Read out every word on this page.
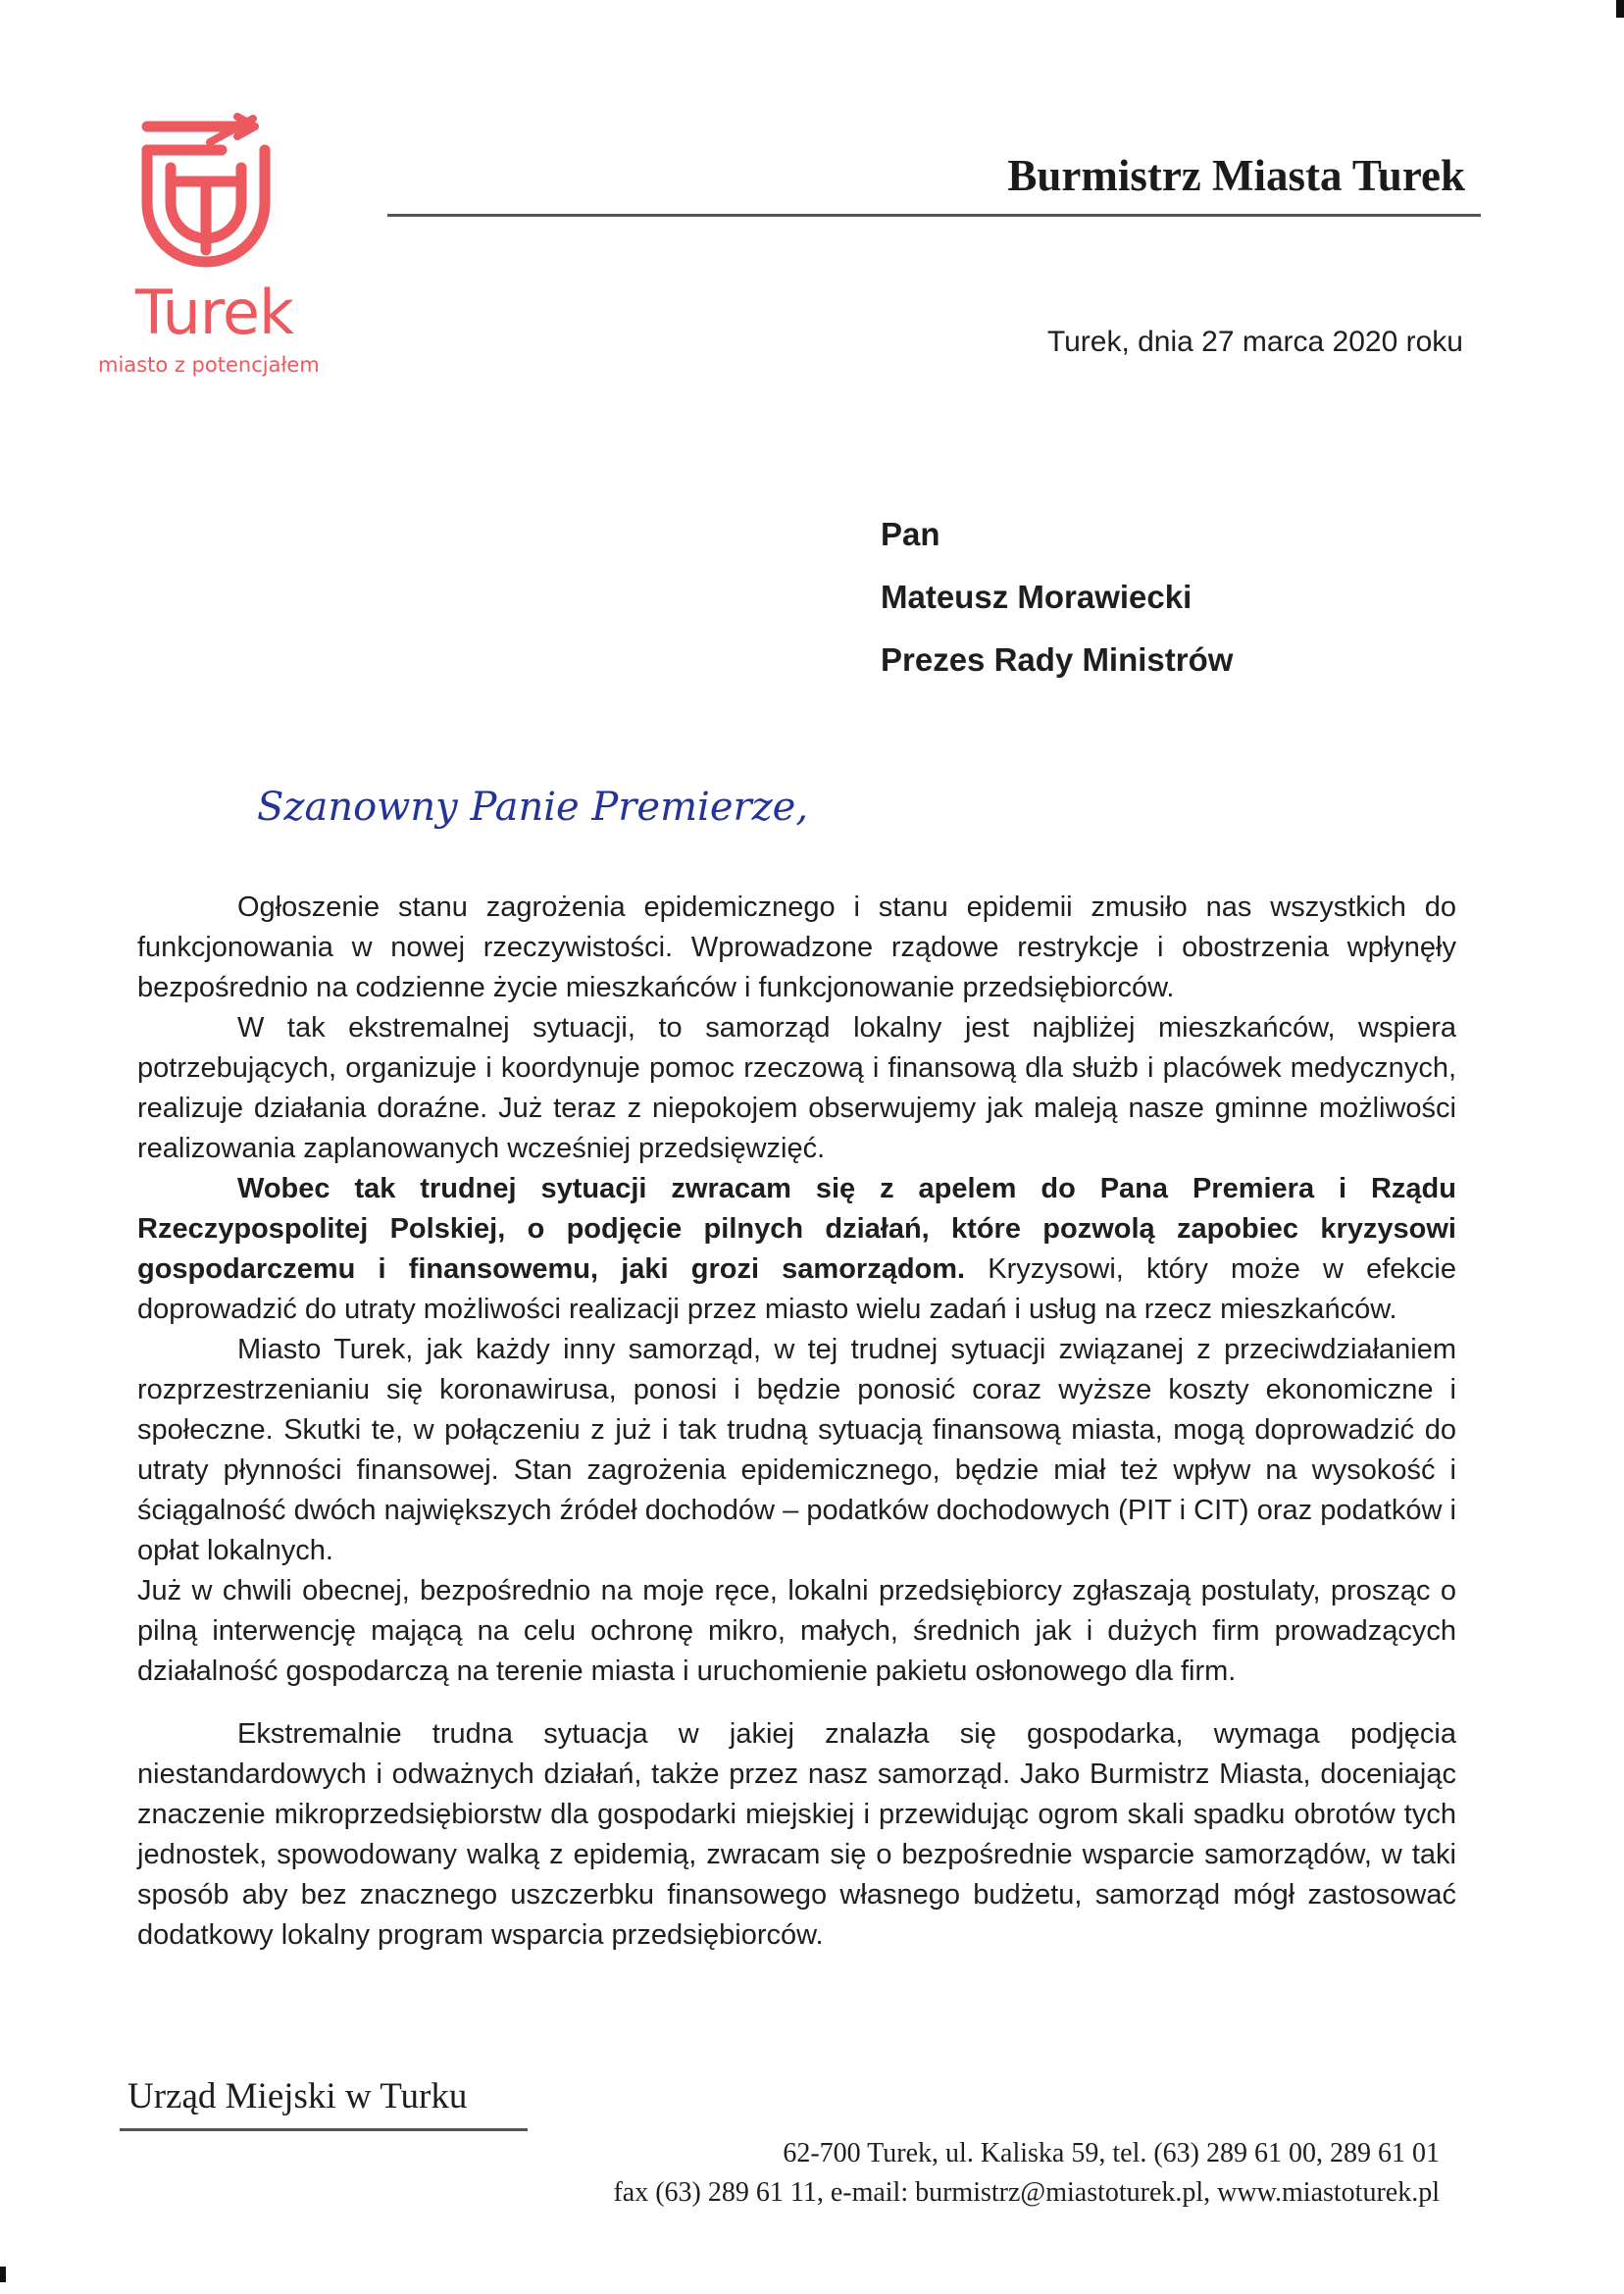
Turek
miasto z potencjałem
Burmistrz Miasta Turek
Turek, dnia 27 marca 2020 roku
Pan
Mateusz Morawiecki
Prezes Rady Ministrów
Szanowny Panie Premierze,

Ogłoszenie stanu zagrożenia epidemicznego i stanu epidemii zmusiło nas wszystkich do funkcjonowania w nowej rzeczywistości. Wprowadzone rządowe restrykcje i obostrzenia wpłynęły bezpośrednio na codzienne życie mieszkańców i funkcjonowanie przedsiębiorców.

W tak ekstremalnej sytuacji, to samorząd lokalny jest najbliżej mieszkańców, wspiera potrzebujących, organizuje i koordynuje pomoc rzeczową i finansową dla służb i placówek medycznych, realizuje działania doraźne. Już teraz z niepokojem obserwujemy jak maleją nasze gminne możliwości realizowania zaplanowanych wcześniej przedsięwzięć.

Wobec tak trudnej sytuacji zwracam się z apelem do Pana Premiera i Rządu Rzeczypospolitej Polskiej, o podjęcie pilnych działań, które pozwolą zapobiec kryzysowi gospodarczemu i finansowemu, jaki grozi samorządom. Kryzysowi, który może w efekcie doprowadzić do utraty możliwości realizacji przez miasto wielu zadań i usług na rzecz mieszkańców.

Miasto Turek, jak każdy inny samorząd, w tej trudnej sytuacji związanej z przeciwdziałaniem rozprzestrzenianiu się koronawirusa, ponosi i będzie ponosić coraz wyższe koszty ekonomiczne i społeczne. Skutki te, w połączeniu z już i tak trudną sytuacją finansową miasta, mogą doprowadzić do utraty płynności finansowej. Stan zagrożenia epidemicznego, będzie miał też wpływ na wysokość i ściągalność dwóch największych źródeł dochodów – podatków dochodowych (PIT i CIT) oraz podatków i opłat lokalnych.

Już w chwili obecnej, bezpośrednio na moje ręce, lokalni przedsiębiorcy zgłaszają postulaty, prosząc o pilną interwencję mającą na celu ochronę mikro, małych, średnich jak i dużych firm prowadzących działalność gospodarczą na terenie miasta i uruchomienie pakietu osłonowego dla firm.

Ekstremalnie trudna sytuacja w jakiej znalazła się gospodarka, wymaga podjęcia niestandardowych i odważnych działań, także przez nasz samorząd. Jako Burmistrz Miasta, doceniając znaczenie mikroprzedsiębiorstw dla gospodarki miejskiej i przewidując ogrom skali spadku obrotów tych jednostek, spowodowany walką z epidemią, zwracam się o bezpośrednie wsparcie samorządów, w taki sposób aby bez znacznego uszczerbku finansowego własnego budżetu, samorząd mógł zastosować dodatkowy lokalny program wsparcia przedsiębiorców.

Urząd Miejski w Turku
62-700 Turek, ul. Kaliska 59, tel. (63) 289 61 00, 289 61 01
fax (63) 289 61 11, e-mail: burmistrz@miastoturek.pl, www.miastoturek.pl
